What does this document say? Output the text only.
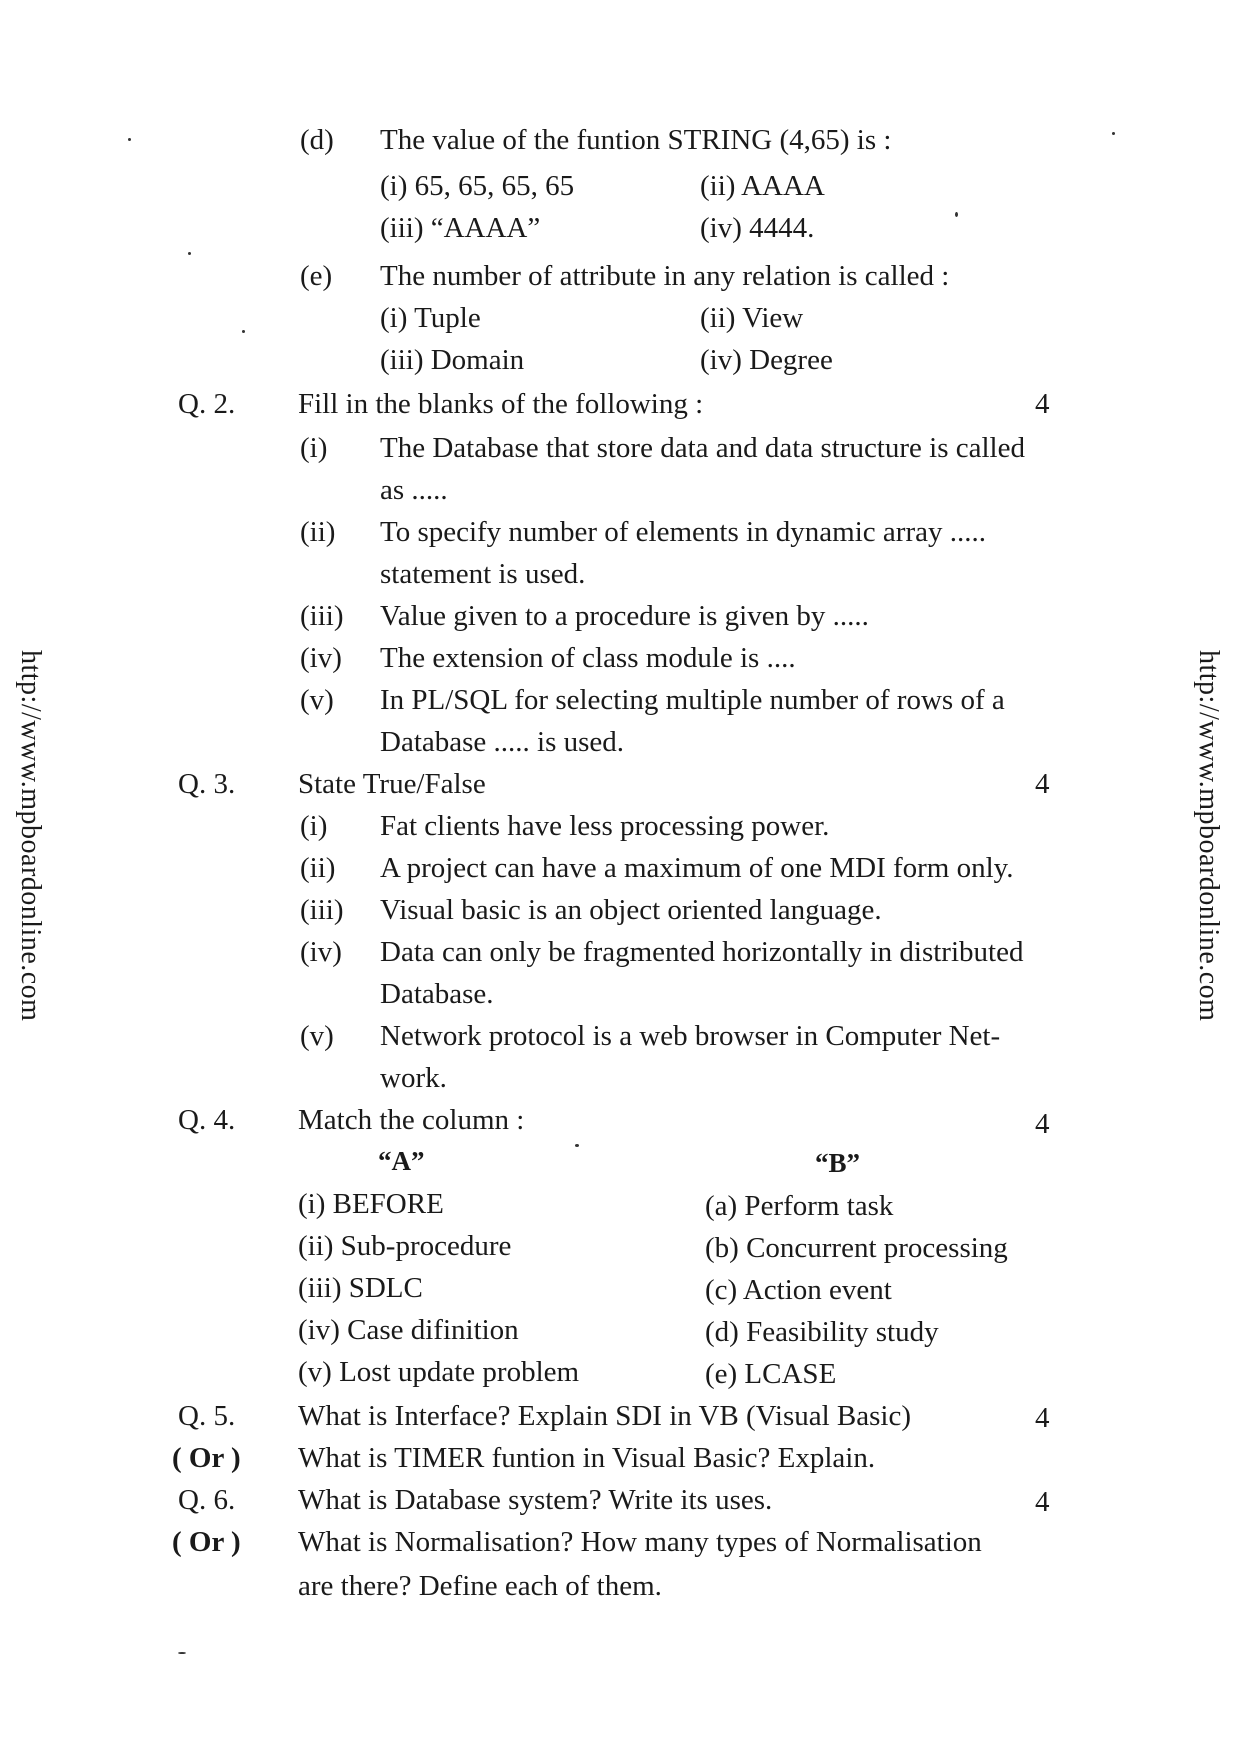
http://www.mpboardonline.com	http://www.mpboardonline.com
(d) The value of the funtion STRING (4,65) is :
(i) 65, 65, 65, 65	(ii) AAAA
(iii) “AAAA”	(iv) 4444.
(e) The number of attribute in any relation is called :
(i) Tuple	(ii) View
(iii) Domain	(iv) Degree
Q. 2. Fill in the blanks of the following :	4
(i) The Database that store data and data structure is called
as .....
(ii) To specify number of elements in dynamic array .....
statement is used.
(iii) Value given to a procedure is given by .....
(iv) The extension of class module is ....
(v) In PL/SQL for selecting multiple number of rows of a
Database ..... is used.
Q. 3. State True/False	4
(i) Fat clients have less processing power.
(ii) A project can have a maximum of one MDI form only.
(iii) Visual basic is an object oriented language.
(iv) Data can only be fragmented horizontally in distributed
Database.
(v) Network protocol is a web browser in Computer Net-
work.
Q. 4. Match the column :	4
“A”	“B”
(i) BEFORE	(a) Perform task
(ii) Sub-procedure	(b) Concurrent processing
(iii) SDLC	(c) Action event
(iv) Case difinition	(d) Feasibility study
(v) Lost update problem	(e) LCASE
Q. 5. What is Interface? Explain SDI in VB (Visual Basic)	4
( Or ) What is TIMER funtion in Visual Basic? Explain.
Q. 6. What is Database system? Write its uses.	4
( Or ) What is Normalisation? How many types of Normalisation
are there? Define each of them.
